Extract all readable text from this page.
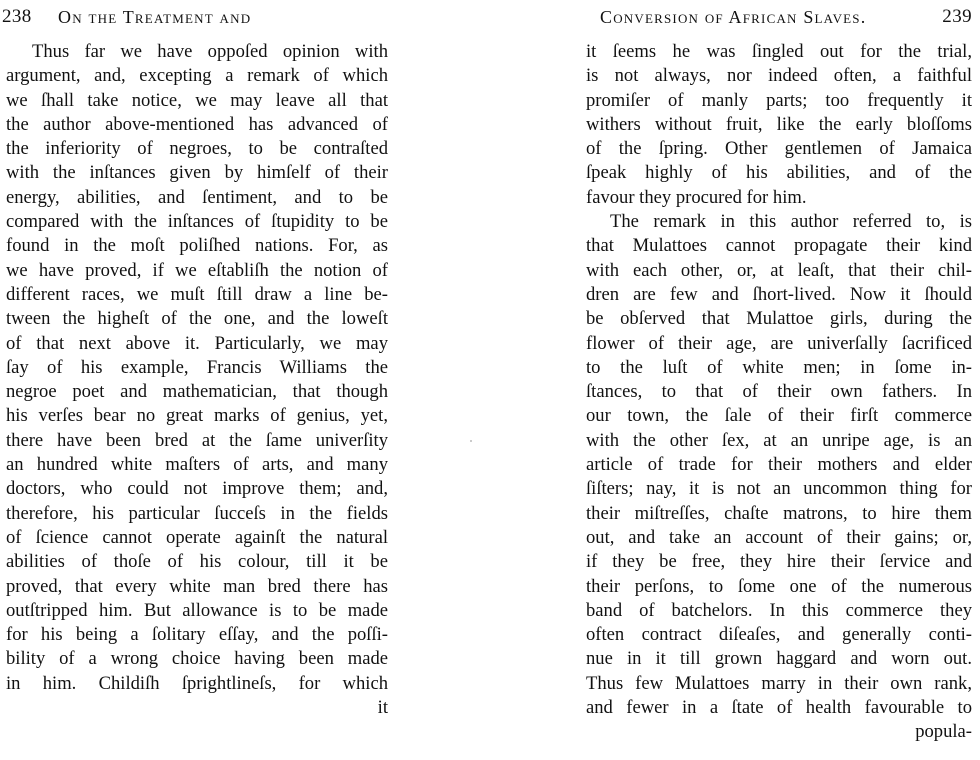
238 On the Treatment and
Thus far we have oppoſed opinion with
argument, and, excepting a remark of which
we ſhall take notice, we may leave all that
the author above-mentioned has advanced of
the inferiority of negroes, to be contraſted
with the inſtances given by himſelf of their
energy, abilities, and ſentiment, and to be
compared with the inſtances of ſtupidity to be
found in the moſt poliſhed nations. For, as
we have proved, if we eſtabliſh the notion of
different races, we muſt ſtill draw a line be-
tween the higheſt of the one, and the loweſt
of that next above it. Particularly, we may
ſay of his example, Francis Williams the
negroe poet and mathematician, that though
his verſes bear no great marks of genius, yet,
there have been bred at the ſame univerſity
an hundred white maſters of arts, and many
doctors, who could not improve them; and,
therefore, his particular ſucceſs in the fields
of ſcience cannot operate againſt the natural
abilities of thoſe of his colour, till it be
proved, that every white man bred there has
outſtripped him. But allowance is to be made
for his being a ſolitary eſſay, and the poſſi-
bility of a wrong choice having been made
in him. Childiſh ſprightlineſs, for which
it
Conversion of African Slaves.	239
it ſeems he was ſingled out for the trial,
is not always, nor indeed often, a faithful
promiſer of manly parts; too frequently it
withers without fruit, like the early bloſſoms
of the ſpring. Other gentlemen of Jamaica
ſpeak highly of his abilities, and of the
favour they procured for him.
The remark in this author referred to, is
that Mulattoes cannot propagate their kind
with each other, or, at leaſt, that their chil-
dren are few and ſhort-lived. Now it ſhould
be obſerved that Mulattoe girls, during the
flower of their age, are univerſally ſacrificed
to the luſt of white men; in ſome in-
ſtances, to that of their own fathers. In
our town, the ſale of their firſt commerce
with the other ſex, at an unripe age, is an
article of trade for their mothers and elder
ſiſters; nay, it is not an uncommon thing for
their miſtreſſes, chaſte matrons, to hire them
out, and take an account of their gains; or,
if they be free, they hire their ſervice and
their perſons, to ſome one of the numerous
band of batchelors. In this commerce they
often contract diſeaſes, and generally conti-
nue in it till grown haggard and worn out.
Thus few Mulattoes marry in their own rank,
and fewer in a ſtate of health favourable to
popula-
